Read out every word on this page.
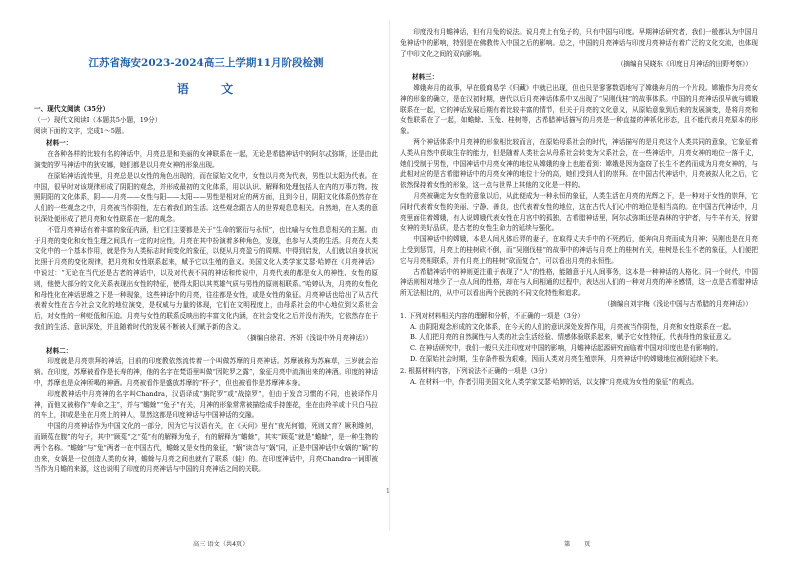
江苏省海安2023-2024高三上学期11月阶段检测

语 文

一、现代文阅读（35分）

（一）现代文阅读Ⅰ（本题共5小题，19分）

阅读下面的文字，完成1～5题。

材料一：

在各种各样的比较有名的神话中，月亮总是和美丽的女神联系在一起，无论是希腊神话中的阿尔忒弥斯，还是由此演变的罗马神话中的狄安娜，她们都是以月亮女神的形象出现。

在原始神话流传里，月亮总是以女性的角色出现的，而在原始文化中，女性以月亮为代表，男性以太阳为代表。在中国，很早时对该规律形成了阴阳的观念，并形成最初的文化体系，用以认识、解释和处理包括人在内的万事万物。按照阴阳的文化体系，阴——月亮——女性与阳——太阳——男性是相对应的两方面，且到今日，阴阳文化体系仍然存在人们的一些观念之中，月亮被当作阴性，左右着我们的生活。这些观念跟古人的世界观息息相关。自然地，在人类的意识深处便形成了把月亮和女性联系在一起的观念。

不管月亮神话有着丰富的象征内涵，但它们主要都是关于“生命的繁衍与永恒”，也比喻与女性息息相关的主题。由于月亮的变化和女性生理之间具有一定的对应性，月亮在其中扮演着多种角色，发现，也参与人类的生活。月亮在人类文化中的一个基本作用，就是作为人类标志时间变化的象征，以便从月亮盈亏的周期、中得到启发，人们就以自身状况比照于月亮的变化规律，把月亮和女性联系起来，赋予它以生殖的意义。美国文化人类学家艾瑟·哈婷在《月亮神话》中说过：“无论在当代还是古老的神话中，以及对代表不同的神话和传说中，月亮代表的都是女人的神性、女性的原则，他使大部分的文化关系表现出女性的特征，使得太阳以其英雄气质与男性的原则相联系。”哈婷认为，月亮的女性化和母性化在神话思维之下是一种现象，这些神话中的月亮，往往都是女性，或是女性的象征。月亮神话也给出了从古代表着女性在古今社会文化的地位演变，是权威与力量的体现，它们在文明程度上，由母系社会的中心地位到父系社会后，对女性的一种贬低和压迫。月亮与女性的联系反映出的丰富文化内涵，在社会变化之后并没有消失，它依然存在于我们的生活、意识深处，并且随着时代的发展不断被人们赋予新的含义。

（摘编自徐君、齐妍《浅谈中外月亮神话》）

材料二：

印度就是月亮崇拜的神话，目前的印度教依然流传着一个叫做苏摩的月亮神话。苏摩被称为苏麻草，三岁就会治病。在印度，苏摩被看作是长寿的神，他的名字在梵语里叫做“因陀罗之露”，象征月亮中流淌出来的神酒。印度的神话中，苏摩也是众神所喝的神酒。月亮被看作是盛放苏摩的“杯子”，但也被看作是苏摩神本身。

印度教神话中月亮神的名字叫Chandra，汉语译成“旃陀罗”或“战捺罗”，但由于发音习惯的不同，也被译作月神，而他又被称作“寿命之主”，并与“蟾蜍”“兔子”有关，月神的形象常常被描绘成手持莲花，坐在由羚羊或十只白马拉的车上，抑或是坐在月亮上的神人，显然这都是印度神话与中国神话的交融。

中国的月亮神话作为中国文化的一部分，因为它与汉语有关，在《天问》里有“夜光何德，死则又育？厥利维何，而顾菟在腹”的句子，其中“顾菟”之“菟”有的解释为兔子，有的解释为“蟾蜍”，其实“顾菟”就是“蟾蜍”，是一种生物的两个名称。“蟾蜍”与“兔”两者一在中国古代，蟾蜍又是女性的象征，“蜗”读音与“娲”同，正是中国神话中女娲的“娲”的由来，女娲是一位创造人类的女神，蟾蜍与月亮之间也就有了联系（蛙）的。在印度神话中，月亮Chandra一词即被当作为月蟾的来源，这也说明了印度的月亮神话与中国的月亮神话之间的关联。

印度没有月蟾神话，但有月兔的说法。说月亮上有兔子的，只有中国与印度。早期神话研究者，我们一般都认为中国月兔神话中的影响，特别是在佛教传入中国之后的影响。总之，中国的月亮神话与印度月亮神话有着广泛的文化交流，也体现了中印文化之间的双向影响。

（摘编自吴晓东《印度日月神话的田野考察》）

材料三：

嫦娥奔月的故事，早在殷商易学《归藏》中就已出现，但也只是寥寥数语地写了嫦娥奔月的一个片段。嫦娥作为月亮女神的形象的确立，是在汉初时期，唐代以后月亮神话体系中又出现了“吴刚伐桂”的故事体系。中国的月亮神话很早就与嫦娥联系在一起，它的神话发展后期有着比较丰富的情节，但关于月亮的文化意义，从原始意象到后来的发展演变，是将月亮和女性联系在了一起，如蟾蜍、玉兔、桂树等，古希腊神话描写的月亮是一种直接的神祇化形态，且不能代表月亮原本的形象。

两个神话体系中月亮神的形象相比较而言，在原始母系社会的时代，神话描写的是月亮这个人类共同的意象，它象征着人类从自然中获取生存的能力，但是随着人类社会从母系社会转变为父系社会，在一些神话中，月亮女神的地位一落千丈，她们受制于男性，中国神话中月亮女神的地位从嫦娥的身上也能看到：嫦娥是因为盗窃了长生不老药而成为月亮女神的，与此相对应的是古希腊神话中的月亮女神的地位十分的高，她们受到人们的崇拜。在中国古代神话中，月亮被拟人化之后，它依然保持着女性的形象，这一点与世界上其他的文化是一样的。

月亮被确定为女性的意象以后，从此便成为一种永恒的象征，人类生活在月亮的光辉之下，是一种对于女性的崇拜，它同时代表着女性的美丽、宁静、善良，也代表着女性的地位，这在古代人们心中的地位是相当高的。在中国古代神话中，月亮里面住着嫦娥，有人说嫦娥代表女性在月宫中的孤独，古希腊神话里，阿尔忒弥斯还是森林的守护者，与牛羊有关，狩猎女神的美好品质，是古老的女性生命力的延续与强化。

中国神话中的嫦娥，本是人间凡体后羿的妻子，在取得丈夫手中的不死药后，便奔向月亮而成为月神；吴刚也是在月亮上受到惩罚，月亮上的桂树砍不倒，而“吴刚伐桂”的故事中的神话与月亮上的桂树有关，桂树是长生不老的象征，人们便把它与月亮相联系，并有月亮上的桂树“砍而复合”，可以看出月亮的永恒性。

古希腊神话中的神则更注重于表现了“人”的性格，能随意于凡人间事务，这本是一种神话的人格化。同一个时代，中国神话则相对地少了一点人间的性格，却在与人间相通的过程中，表达出人们的一种对月亮的神圣感情，这一点是古希腊神话所无法相比的，从中可以看出两个民族的不同文化特性和追求。

（摘编自刘宇梅《浅论中国与古希腊的月亮神话》）

1. 下列对材料相关内容的理解和分析，不正确的一项是（3分）

A. 由阴阳观念形成的文化体系，在今天的人们的意识深处发挥作用，月亮被当作阴性，月亮和女性联系在一起。

B. 人们把月亮的自然属性与人类的社会生活经验、情感体验联系起来，赋予它女性特征，代表母性的象征意义。

C. 在神话研究中，我们一般只关注印度对中国的影响，月蟾神话起源研究面临着中国对印度也是有影响的。

D. 在原始社会时期，生存条件极为艰难，因而人类对月亮生殖崇拜，月亮神话中的嫦娥地位被附延续下来。

2. 根据材料内容，下列说法不正确的一项是（3分）

A. 在材料一中，作者引用美国文化人类学家艾瑟·哈婷的话，以支撑“月亮成为女性的象征”的观点。

1
高三 语文（共4页）	第 页
